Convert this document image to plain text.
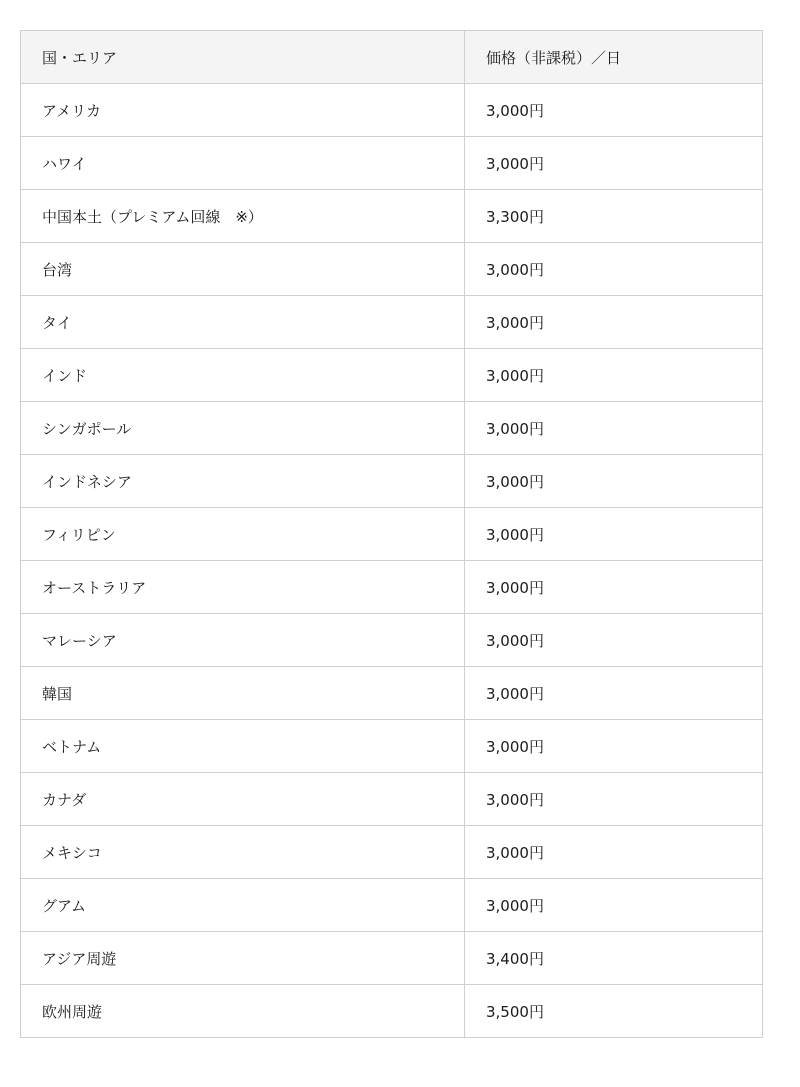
国・エリア	価格（非課税）／日
アメリカ	3,000円
ハワイ	3,000円
中国本土（プレミアム回線　※）	3,300円
台湾	3,000円
タイ	3,000円
インド	3,000円
シンガポール	3,000円
インドネシア	3,000円
フィリピン	3,000円
オーストラリア	3,000円
マレーシア	3,000円
韓国	3,000円
ベトナム	3,000円
カナダ	3,000円
メキシコ	3,000円
グアム	3,000円
アジア周遊	3,400円
欧州周遊	3,500円
